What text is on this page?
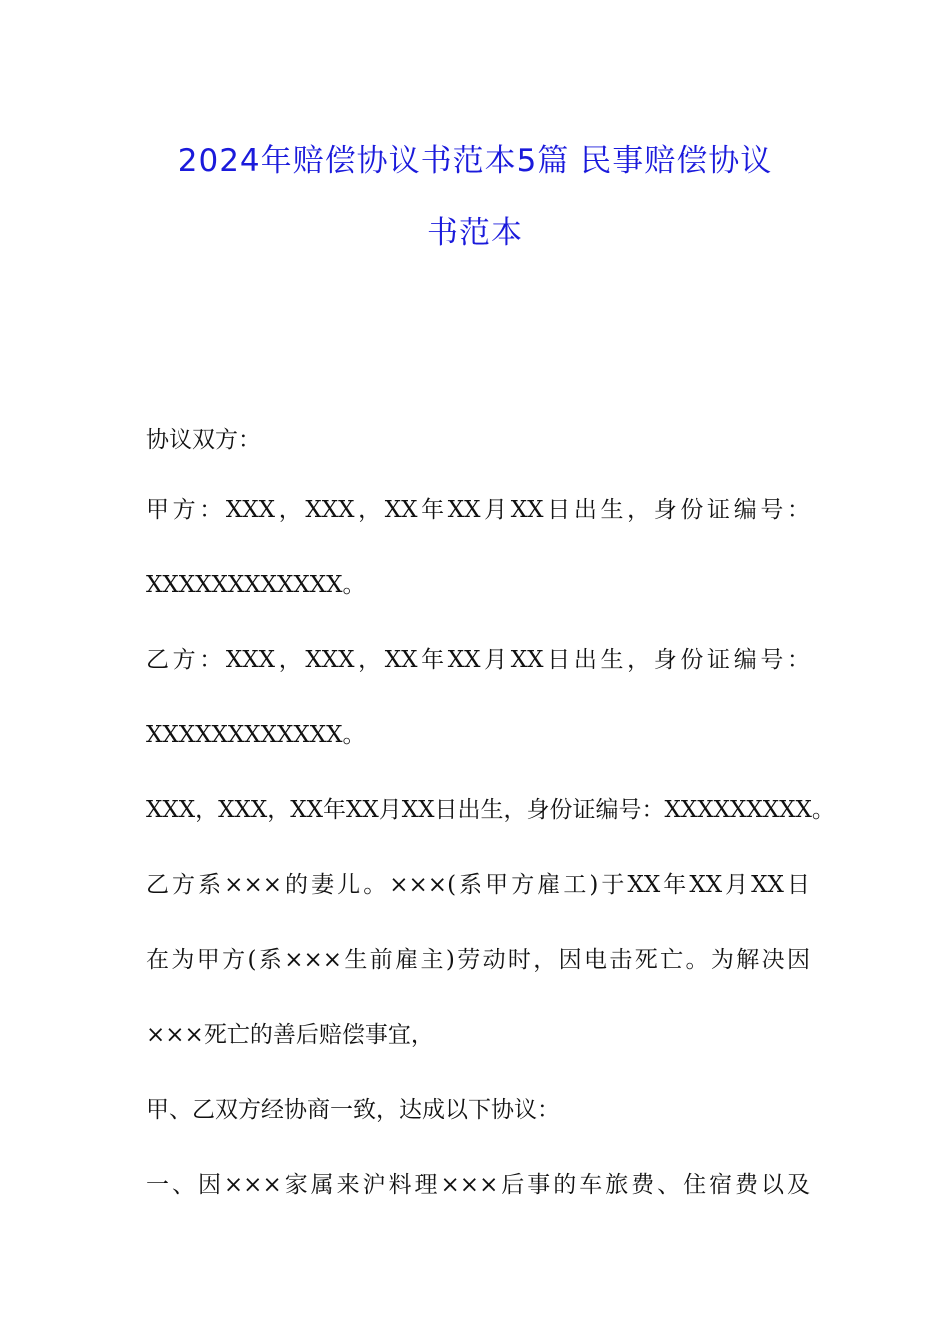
2024年赔偿协议书范本5篇 民事赔偿协议
书范本
协议双方：
甲方：XXX，XXX，XX年XX月XX日出生，身份证编号：
XXXXXXXXXXXX。
乙方：XXX，XXX，XX年XX月XX日出生，身份证编号：
XXXXXXXXXXXX。
XXX，XXX，XX年XX月XX日出生，身份证编号：XXXXXXXXX。
乙方系×××的妻儿。×××(系甲方雇工)于XX年XX月XX日
在为甲方(系×××生前雇主)劳动时，因电击死亡。为解决因
×××死亡的善后赔偿事宜，
甲、乙双方经协商一致，达成以下协议：
一、因×××家属来沪料理×××后事的车旅费、住宿费以及
